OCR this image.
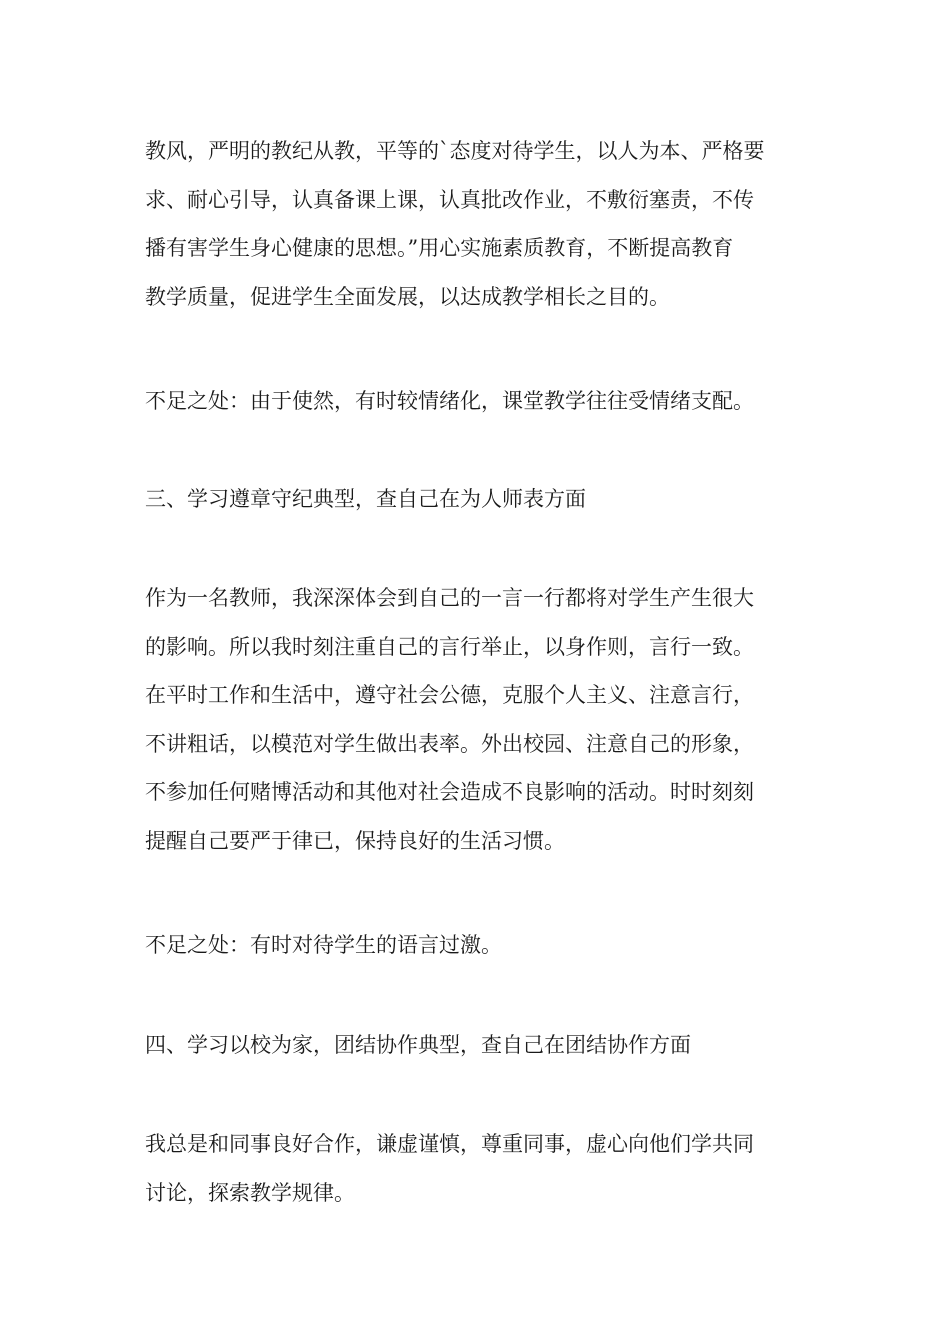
教风，严明的教纪从教，平等的`态度对待学生，以人为本、严格要
求、耐心引导，认真备课上课，认真批改作业，不敷衍塞责，不传
播有害学生身心健康的思想。”用心实施素质教育，不断提高教育
教学质量，促进学生全面发展，以达成教学相长之目的。

不足之处：由于使然，有时较情绪化，课堂教学往往受情绪支配。

三、学习遵章守纪典型，查自己在为人师表方面

作为一名教师，我深深体会到自己的一言一行都将对学生产生很大
的影响。所以我时刻注重自己的言行举止，以身作则，言行一致。
在平时工作和生活中，遵守社会公德，克服个人主义、注意言行，
不讲粗话，以模范对学生做出表率。外出校园、注意自己的形象，
不参加任何赌博活动和其他对社会造成不良影响的活动。时时刻刻
提醒自己要严于律已，保持良好的生活习惯。

不足之处：有时对待学生的语言过激。

四、学习以校为家，团结协作典型，查自己在团结协作方面

我总是和同事良好合作，谦虚谨慎，尊重同事，虚心向他们学共同
讨论，探索教学规律。
